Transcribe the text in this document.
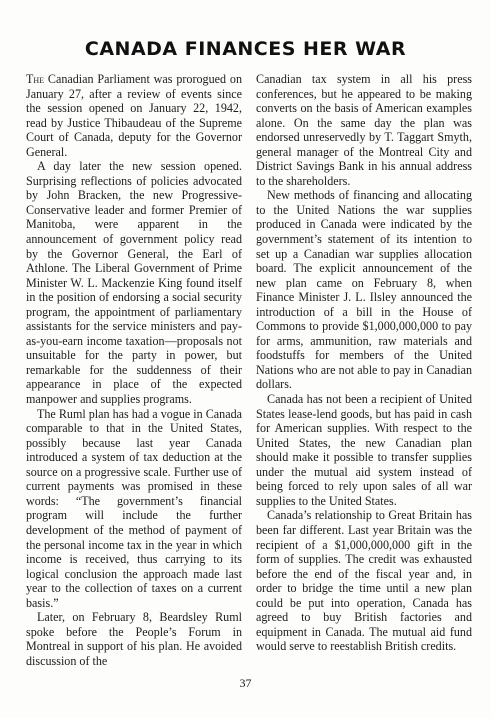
CANADA FINANCES HER WAR

The Canadian Parliament was prorogued on January 27, after a review of events since the session opened on January 22, 1942, read by Justice Thibaudeau of the Supreme Court of Canada, deputy for the Governor General.

A day later the new session opened. Surprising reflections of policies advocated by John Bracken, the new Progressive-Conservative leader and former Premier of Manitoba, were apparent in the announcement of government policy read by the Governor General, the Earl of Athlone. The Liberal Government of Prime Minister W. L. Mackenzie King found itself in the position of endorsing a social security program, the appointment of parliamentary assistants for the service ministers and pay-as-you-earn income taxation—proposals not unsuitable for the party in power, but remarkable for the suddenness of their appearance in place of the expected manpower and supplies programs.

The Ruml plan has had a vogue in Canada comparable to that in the United States, possibly because last year Canada introduced a system of tax deduction at the source on a progressive scale. Further use of current payments was promised in these words: “The government’s financial program will include the further development of the method of payment of the personal income tax in the year in which income is received, thus carrying to its logical conclusion the approach made last year to the collection of taxes on a current basis.”

Later, on February 8, Beardsley Ruml spoke before the People’s Forum in Montreal in support of his plan. He avoided discussion of the

Canadian tax system in all his press conferences, but he appeared to be making converts on the basis of American examples alone. On the same day the plan was endorsed unreservedly by T. Taggart Smyth, general manager of the Montreal City and District Savings Bank in his annual address to the shareholders.

New methods of financing and allocating to the United Nations the war supplies produced in Canada were indicated by the government’s statement of its intention to set up a Canadian war supplies allocation board. The explicit announcement of the new plan came on February 8, when Finance Minister J. L. Ilsley announced the introduction of a bill in the House of Commons to provide $1,000,000,000 to pay for arms, ammunition, raw materials and foodstuffs for members of the United Nations who are not able to pay in Canadian dollars.

Canada has not been a recipient of United States lease-lend goods, but has paid in cash for American supplies. With respect to the United States, the new Canadian plan should make it possible to transfer supplies under the mutual aid system instead of being forced to rely upon sales of all war supplies to the United States.

Canada’s relationship to Great Britain has been far different. Last year Britain was the recipient of a $1,000,000,000 gift in the form of supplies. The credit was exhausted before the end of the fiscal year and, in order to bridge the time until a new plan could be put into operation, Canada has agreed to buy British factories and equipment in Canada. The mutual aid fund would serve to reestablish British credits.

37
